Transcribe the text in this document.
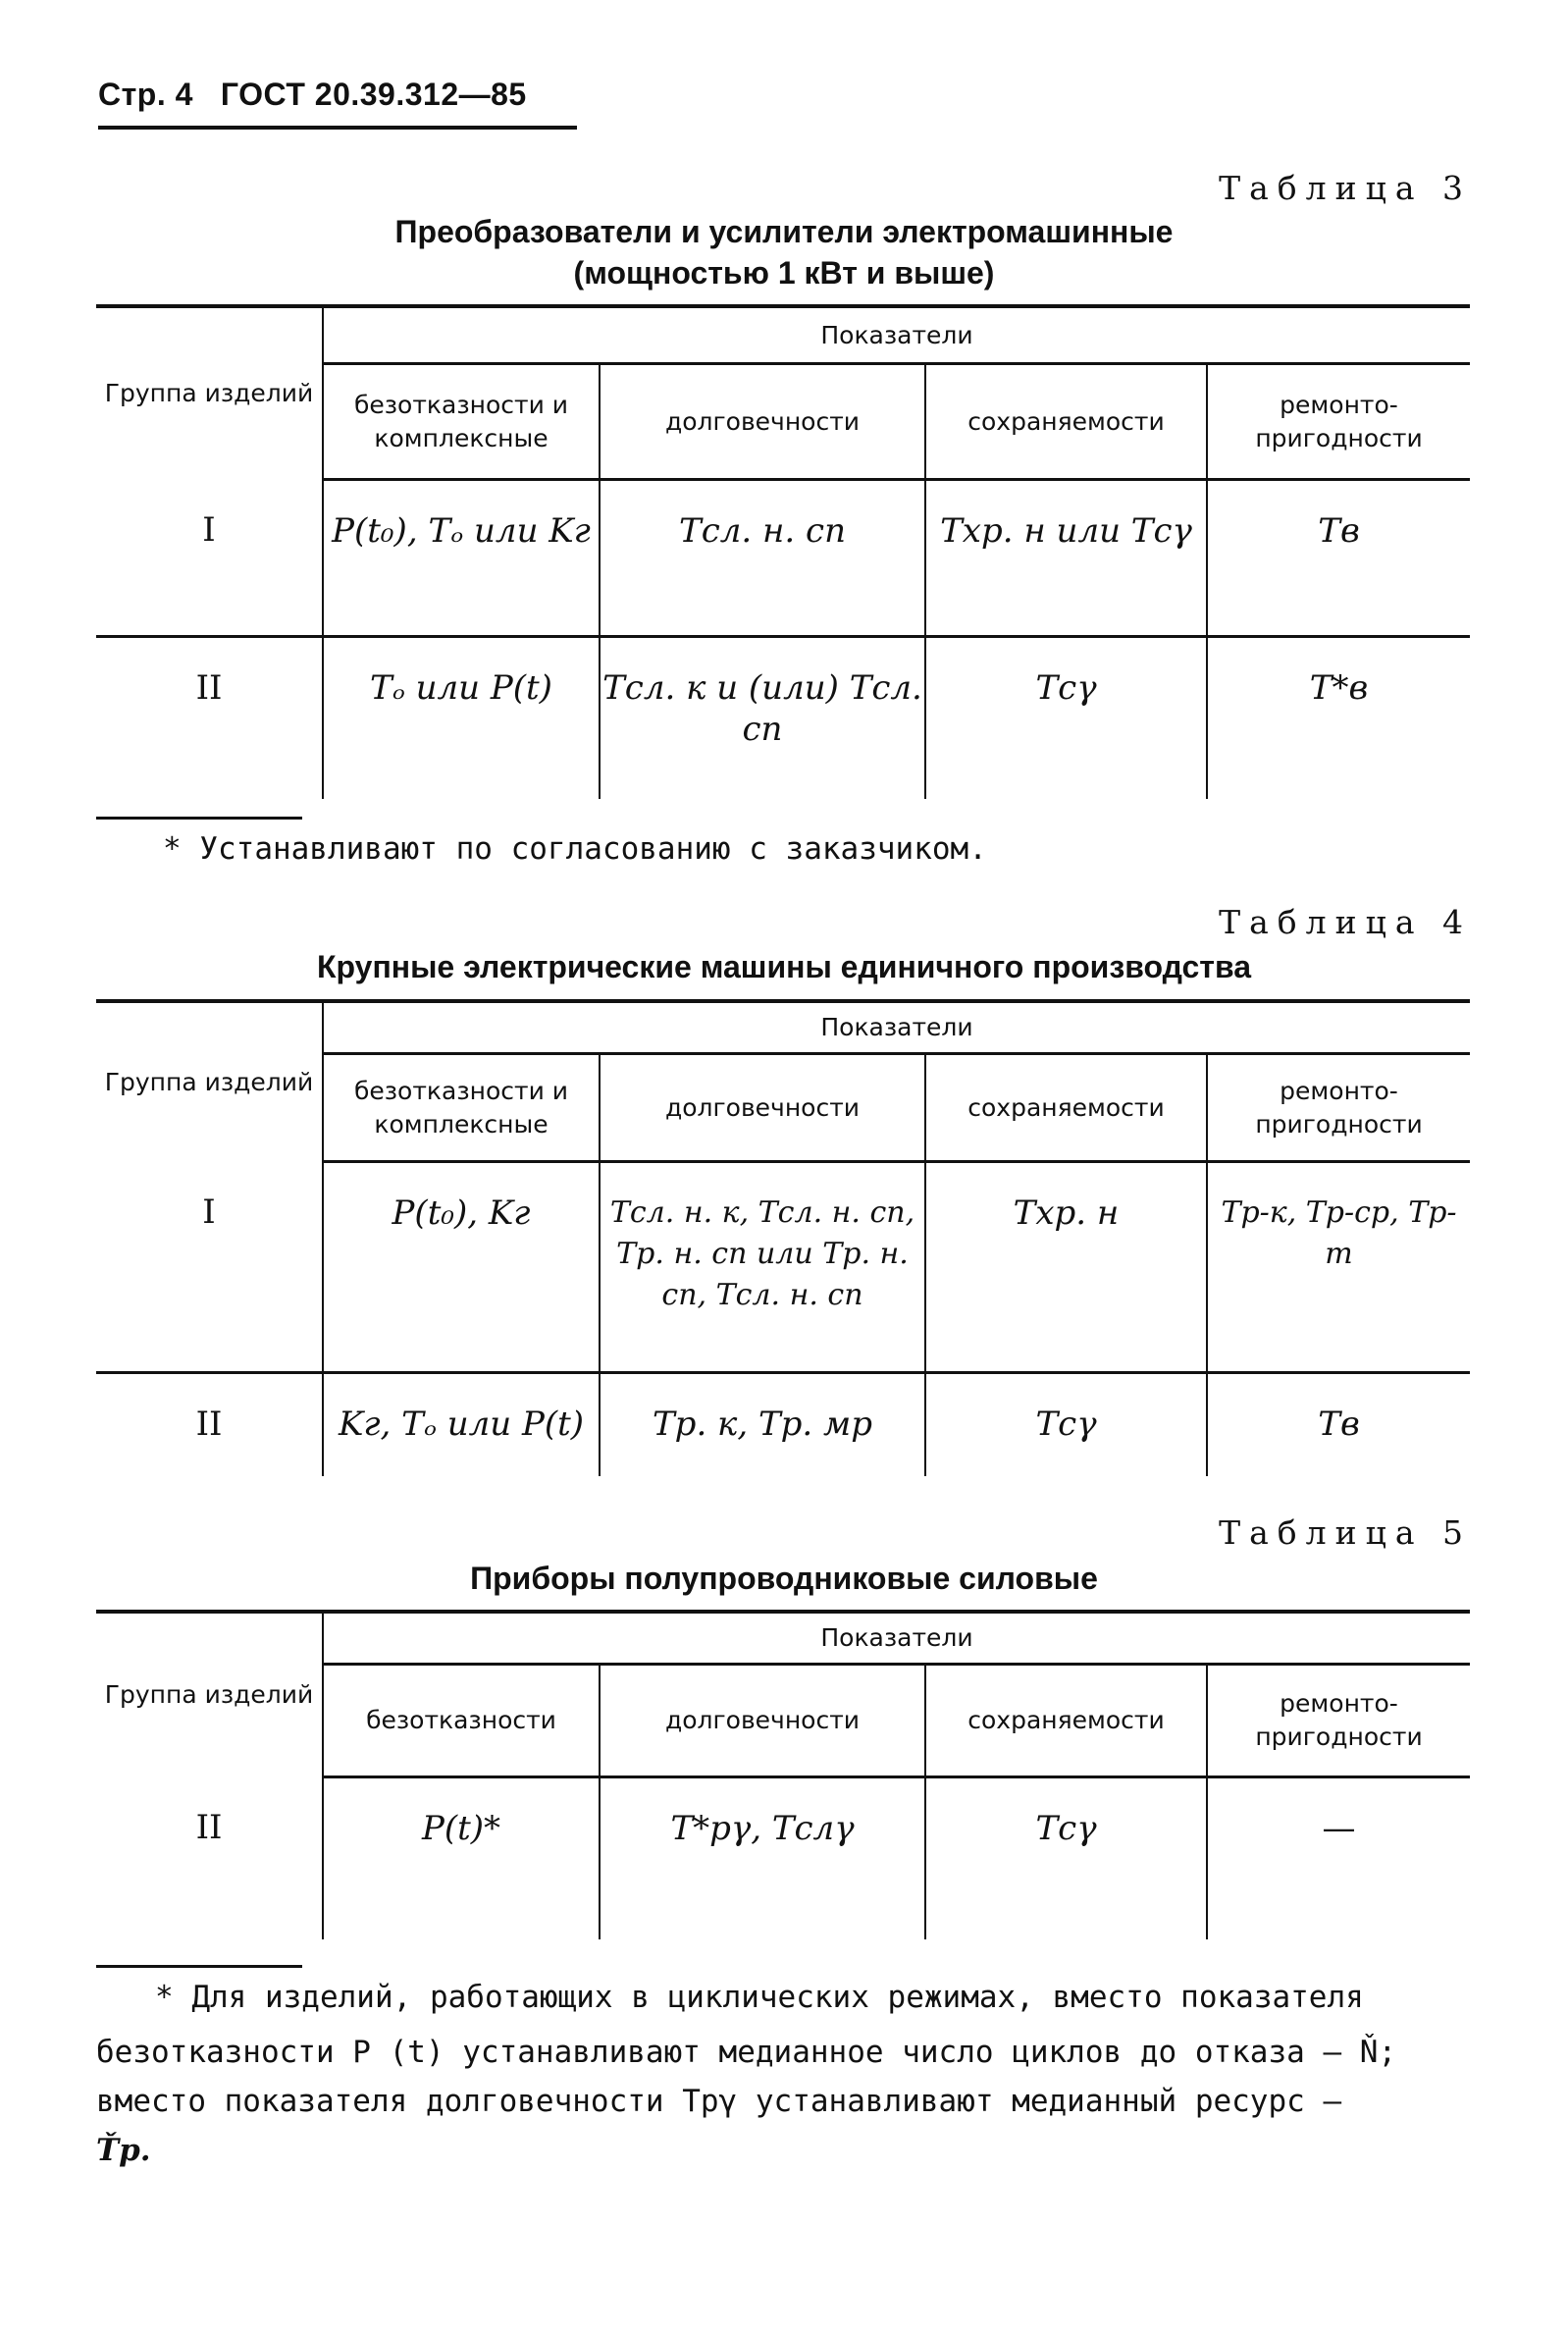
Стр. 4 ГОСТ 20.39.312—85
Таблица 3
Преобразователи и усилители электромашинные
(мощностью 1 кВт и выше)
Группа изделий	Показатели			
	безотказности и комплексные	долговечности	сохраняемости	ремонто-пригодности
I	P(t₀), Tₒ или Kг	Tсл. н. сп	Tхр. н или Tсγ	Tв
II	Tₒ или P(t)	Tсл. к и (или) Tсл. сп	Tсγ	T*в
* Устанавливают по согласованию с заказчиком.
Таблица 4
Крупные электрические машины единичного производства
Группа изделий	Показатели			
	безотказности и комплексные	долговечности	сохраняемости	ремонто-пригодности
I	P(t₀), Kг	Tсл. н. к, Tсл. н. сп, Tр. н. сп или Tр. н. сп, Tсл. н. сп	Tхр. н	Tр-к, Tр-ср, Tр-т
II	Kг, Tₒ или P(t)	Tр. к, Tр. мр	Tсγ	Tв
Таблица 5
Приборы полупроводниковые силовые
Группа изделий	Показатели			
	безотказности	долговечности	сохраняемости	ремонто-пригодности
II	P(t)*	T*рγ, Tслγ	Tсγ	—
* Для изделий, работающих в циклических режимах, вместо показателя
безотказности P (t) устанавливают медианное число циклов до отказа — Ň;
вместо показателя долговечности Tрγ устанавливают медианный ресурс —
Ťр.
